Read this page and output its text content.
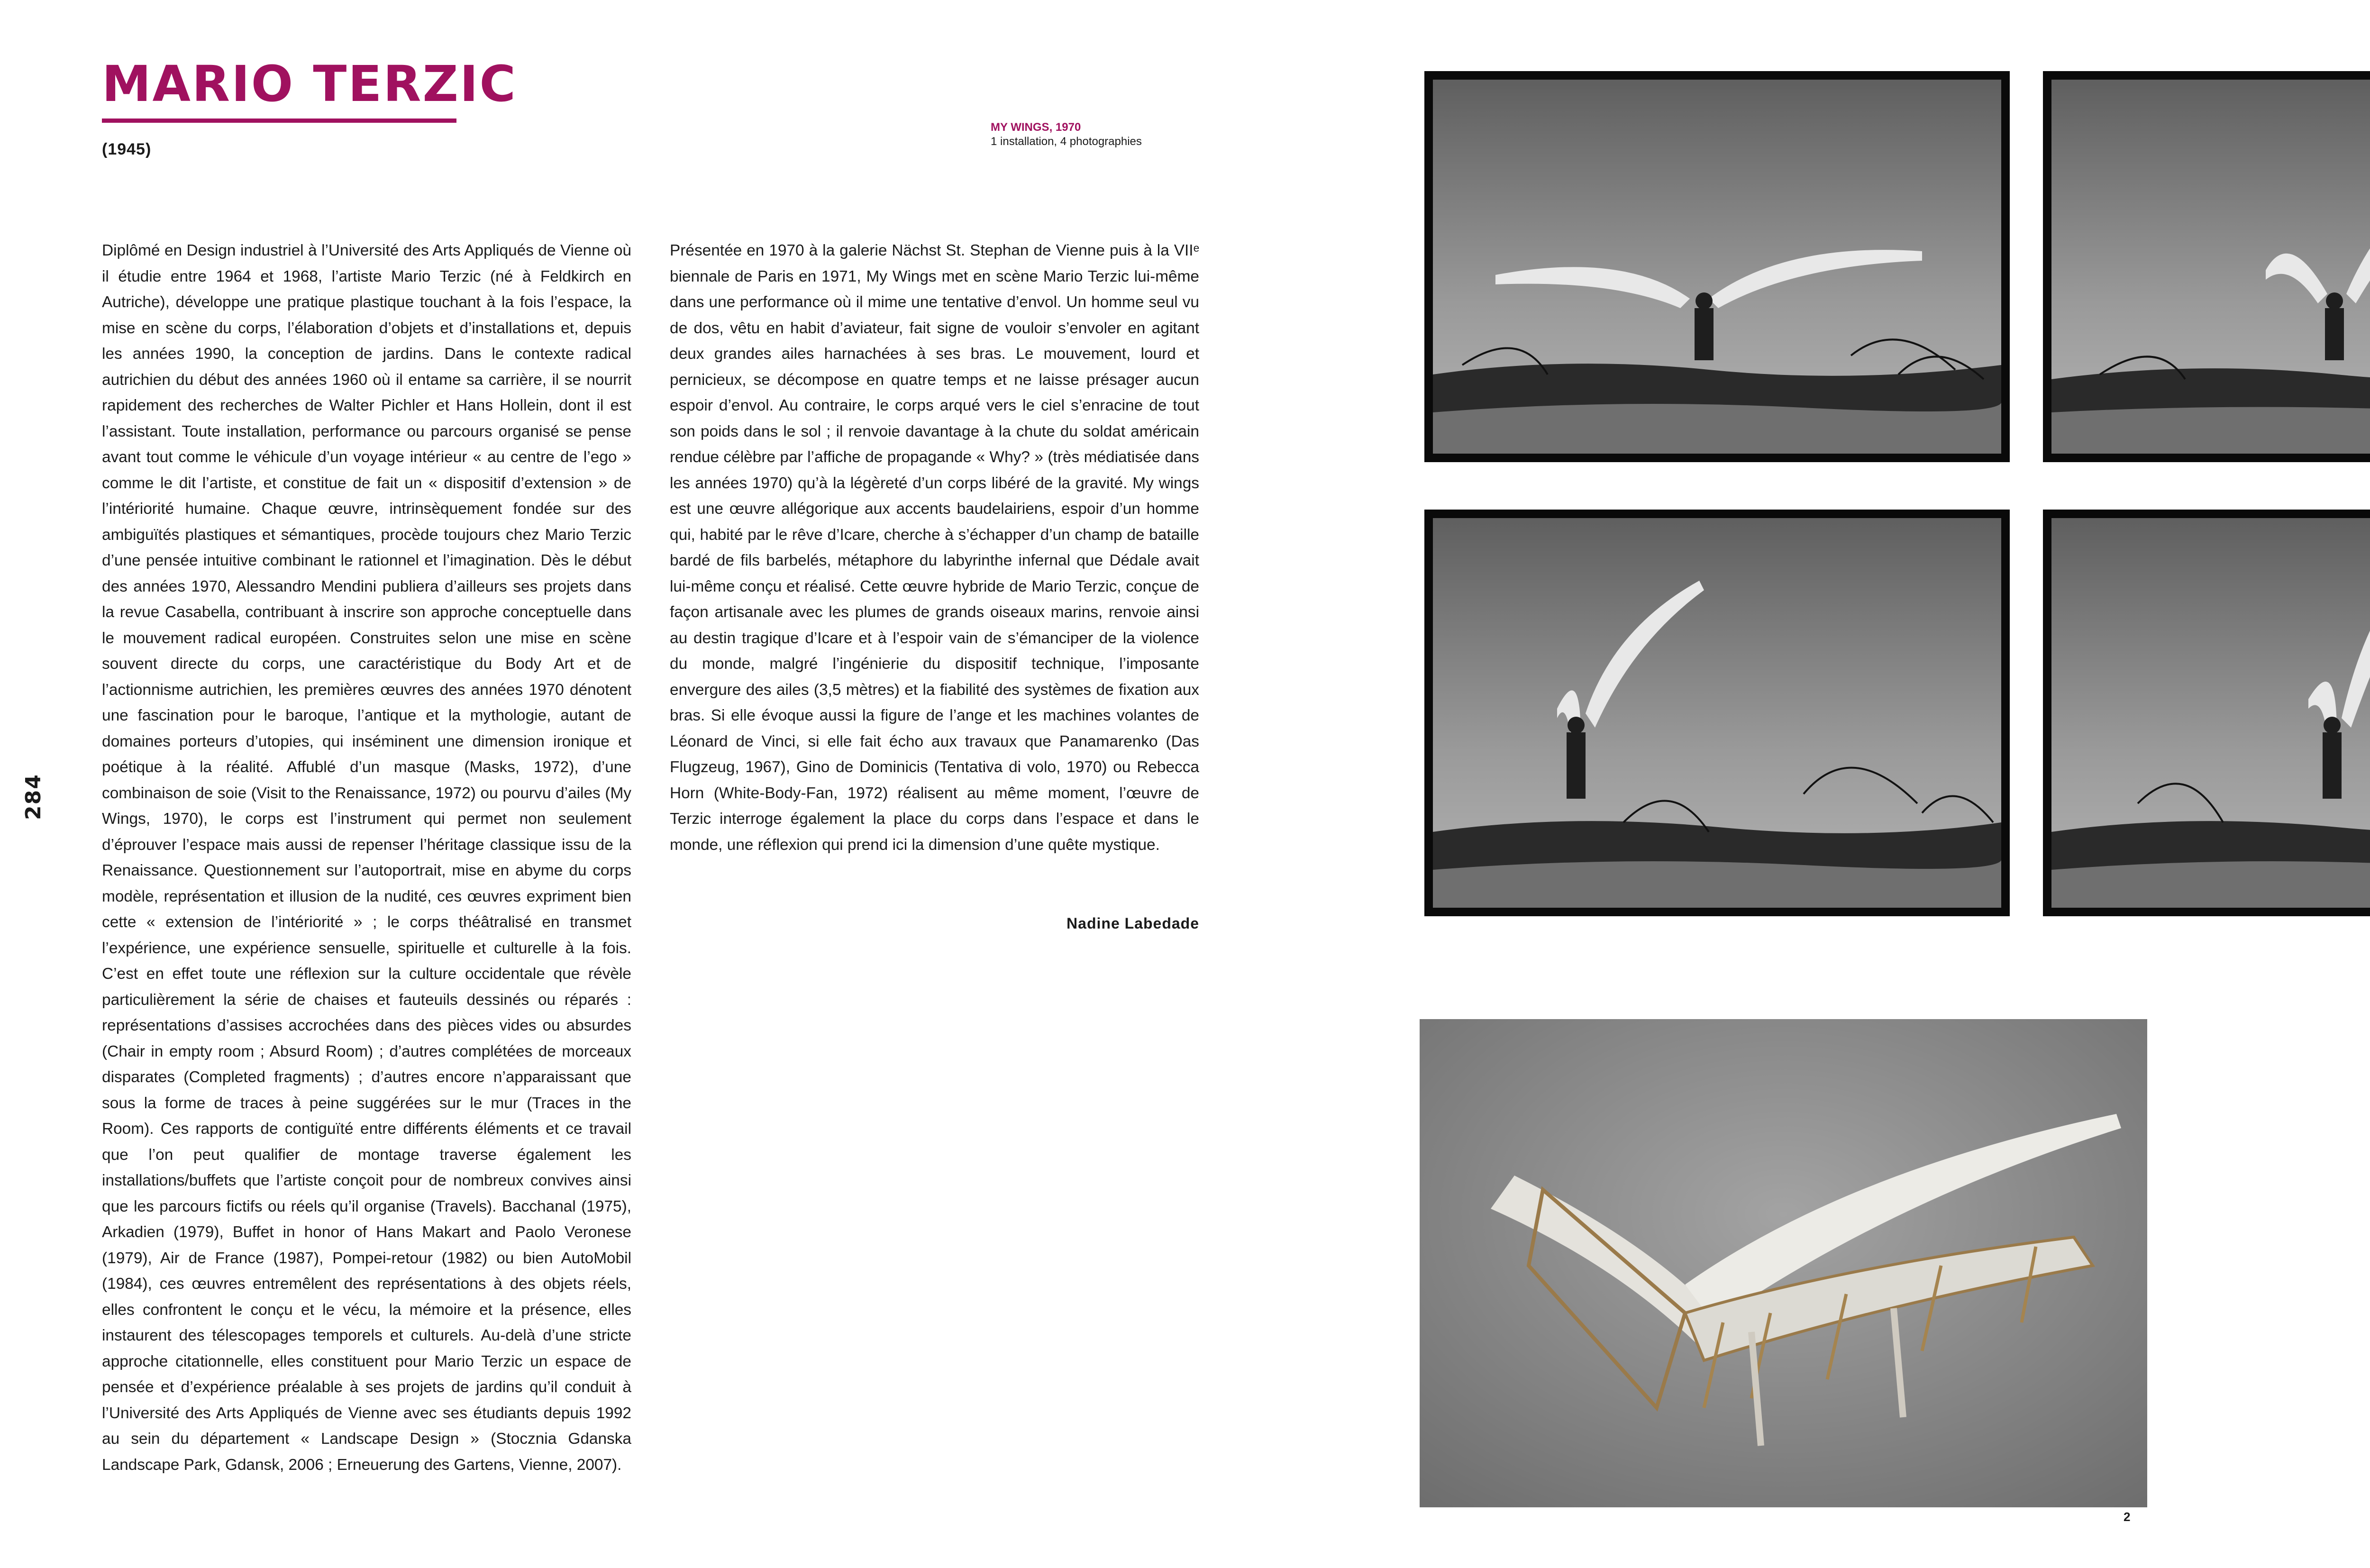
MARIO TERZIC
(1945)
MY WINGS, 1970
1 installation, 4 photographies

Diplômé en Design industriel à l’Université des Arts Appliqués de Vienne où il étudie entre 1964 et 1968, l’artiste Mario Terzic (né à Feldkirch en Autriche), développe une pratique plastique touchant à la fois l’espace, la mise en scène du corps, l’élaboration d’objets et d’installations et, depuis les années 1990, la conception de jardins. Dans le contexte radical autrichien du début des années 1960 où il entame sa carrière, il se nourrit rapidement des recherches de Walter Pichler et Hans Hollein, dont il est l’assistant. Toute installation, performance ou parcours organisé se pense avant tout comme le véhicule d’un voyage intérieur « au centre de l’ego » comme le dit l’artiste, et constitue de fait un « dispositif d’extension » de l’intériorité humaine. Chaque œuvre, intrinsèquement fondée sur des ambiguïtés plastiques et sémantiques, procède toujours chez Mario Terzic d’une pensée intuitive combinant le rationnel et l’imagination. Dès le début des années 1970, Alessandro Mendini publiera d’ailleurs ses projets dans la revue Casabella, contribuant à inscrire son approche conceptuelle dans le mouvement radical européen. Construites selon une mise en scène souvent directe du corps, une caractéristique du Body Art et de l’actionnisme autrichien, les premières œuvres des années 1970 dénotent une fascination pour le baroque, l’antique et la mythologie, autant de domaines porteurs d’utopies, qui inséminent une dimension ironique et poétique à la réalité. Affublé d’un masque (Masks, 1972), d’une combinaison de soie (Visit to the Renaissance, 1972) ou pourvu d’ailes (My Wings, 1970), le corps est l’instrument qui permet non seulement d’éprouver l’espace mais aussi de repenser l’héritage classique issu de la Renaissance. Questionnement sur l’autoportrait, mise en abyme du corps modèle, représentation et illusion de la nudité, ces œuvres expriment bien cette « extension de l’intériorité » ; le corps théâtralisé en transmet l’expérience, une expérience sensuelle, spirituelle et culturelle à la fois. C’est en effet toute une réflexion sur la culture occidentale que révèle particulièrement la série de chaises et fauteuils dessinés ou réparés : représentations d’assises accrochées dans des pièces vides ou absurdes (Chair in empty room ; Absurd Room) ; d’autres complétées de morceaux disparates (Completed fragments) ; d’autres encore n’apparaissant que sous la forme de traces à peine suggérées sur le mur (Traces in the Room). Ces rapports de contiguïté entre différents éléments et ce travail que l’on peut qualifier de montage traverse également les installations/buffets que l’artiste conçoit pour de nombreux convives ainsi que les parcours fictifs ou réels qu’il organise (Travels). Bacchanal (1975), Arkadien (1979), Buffet in honor of Hans Makart and Paolo Veronese (1979), Air de France (1987), Pompei-retour (1982) ou bien AutoMobil (1984), ces œuvres entremêlent des représentations à des objets réels, elles confrontent le conçu et le vécu, la mémoire et la présence, elles instaurent des télescopages temporels et culturels. Au-delà d’une stricte approche citationnelle, elles constituent pour Mario Terzic un espace de pensée et d’expérience préalable à ses projets de jardins qu’il conduit à l’Université des Arts Appliqués de Vienne avec ses étudiants depuis 1992 au sein du département « Landscape Design » (Stocznia Gdanska Landscape Park, Gdansk, 2006 ; Erneuerung des Gartens, Vienne, 2007).

Présentée en 1970 à la galerie Nächst St. Stephan de Vienne puis à la VIIᵉ biennale de Paris en 1971, My Wings met en scène Mario Terzic lui-même dans une performance où il mime une tentative d’envol. Un homme seul vu de dos, vêtu en habit d’aviateur, fait signe de vouloir s’envoler en agitant deux grandes ailes harnachées à ses bras. Le mouvement, lourd et pernicieux, se décompose en quatre temps et ne laisse présager aucun espoir d’envol. Au contraire, le corps arqué vers le ciel s’enracine de tout son poids dans le sol ; il renvoie davantage à la chute du soldat américain rendue célèbre par l’affiche de propagande « Why? » (très médiatisée dans les années 1970) qu’à la légèreté d’un corps libéré de la gravité. My wings est une œuvre allégorique aux accents baudelairiens, espoir d’un homme qui, habité par le rêve d’Icare, cherche à s’échapper d’un champ de bataille bardé de fils barbelés, métaphore du labyrinthe infernal que Dédale avait lui-même conçu et réalisé. Cette œuvre hybride de Mario Terzic, conçue de façon artisanale avec les plumes de grands oiseaux marins, renvoie ainsi au destin tragique d’Icare et à l’espoir vain de s’émanciper de la violence du monde, malgré l’ingénierie du dispositif technique, l’imposante envergure des ailes (3,5 mètres) et la fiabilité des systèmes de fixation aux bras. Si elle évoque aussi la figure de l’ange et les machines volantes de Léonard de Vinci, si elle fait écho aux travaux que Panamarenko (Das Flugzeug, 1967), Gino de Dominicis (Tentativa di volo, 1970) ou Rebecca Horn (White-Body-Fan, 1972) réalisent au même moment, l’œuvre de Terzic interroge également la place du corps dans l’espace et dans le monde, une réflexion qui prend ici la dimension d’une quête mystique.

Nadine Labedade
284
2
